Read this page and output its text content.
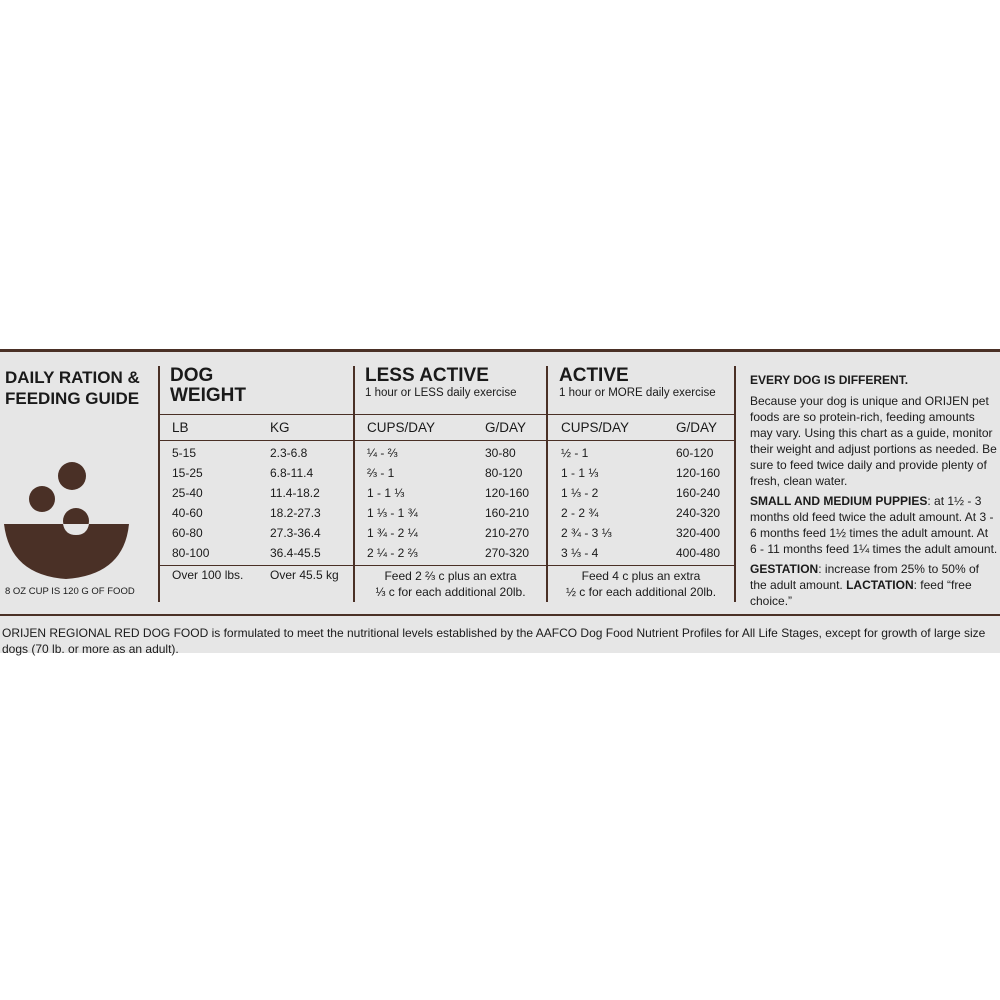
DAILY RATION &
FEEDING GUIDE
8 OZ CUP IS 120 G OF FOOD
DOG
WEIGHT
LB	KG
5-15	2.3-6.8
15-25	6.8-11.4
25-40	11.4-18.2
40-60	18.2-27.3
60-80	27.3-36.4
80-100	36.4-45.5
Over 100 lbs. Over 45.5 kg
LESS ACTIVE
1 hour or LESS daily exercise
CUPS/DAY	G/DAY
¼ - ⅔	30-80
⅔ - 1	80-120
1 - 1 ⅓	120-160
1 ⅓ - 1 ¾	160-210
1 ¾ - 2 ¼	210-270
2 ¼ - 2 ⅔	270-320
Feed 2 ⅔ c plus an extra
⅓ c for each additional 20lb.
ACTIVE
1 hour or MORE daily exercise
CUPS/DAY	G/DAY
½ - 1	60-120
1 - 1 ⅓	120-160
1 ⅓ - 2	160-240
2 - 2 ¾	240-320
2 ¾ - 3 ⅓	320-400
3 ⅓ - 4	400-480
Feed 4 c plus an extra
½ c for each additional 20lb.

EVERY DOG IS DIFFERENT.

Because your dog is unique and ORIJEN pet foods are so protein-rich, feeding amounts may vary. Using this chart as a guide, monitor their weight and adjust portions as needed. Be sure to feed twice daily and provide plenty of fresh, clean water.

SMALL AND MEDIUM PUPPIES: at 1½ - 3 months old feed twice the adult amount. At 3 - 6 months feed 1½ times the adult amount. At 6 - 11 months feed 1¼ times the adult amount.

GESTATION: increase from 25% to 50% of the adult amount. LACTATION: feed “free choice.”

ORIJEN REGIONAL RED DOG FOOD is formulated to meet the nutritional levels established by the AAFCO Dog Food Nutrient Profiles for All Life Stages, except for growth of large size dogs (70 lb. or more as an adult).
